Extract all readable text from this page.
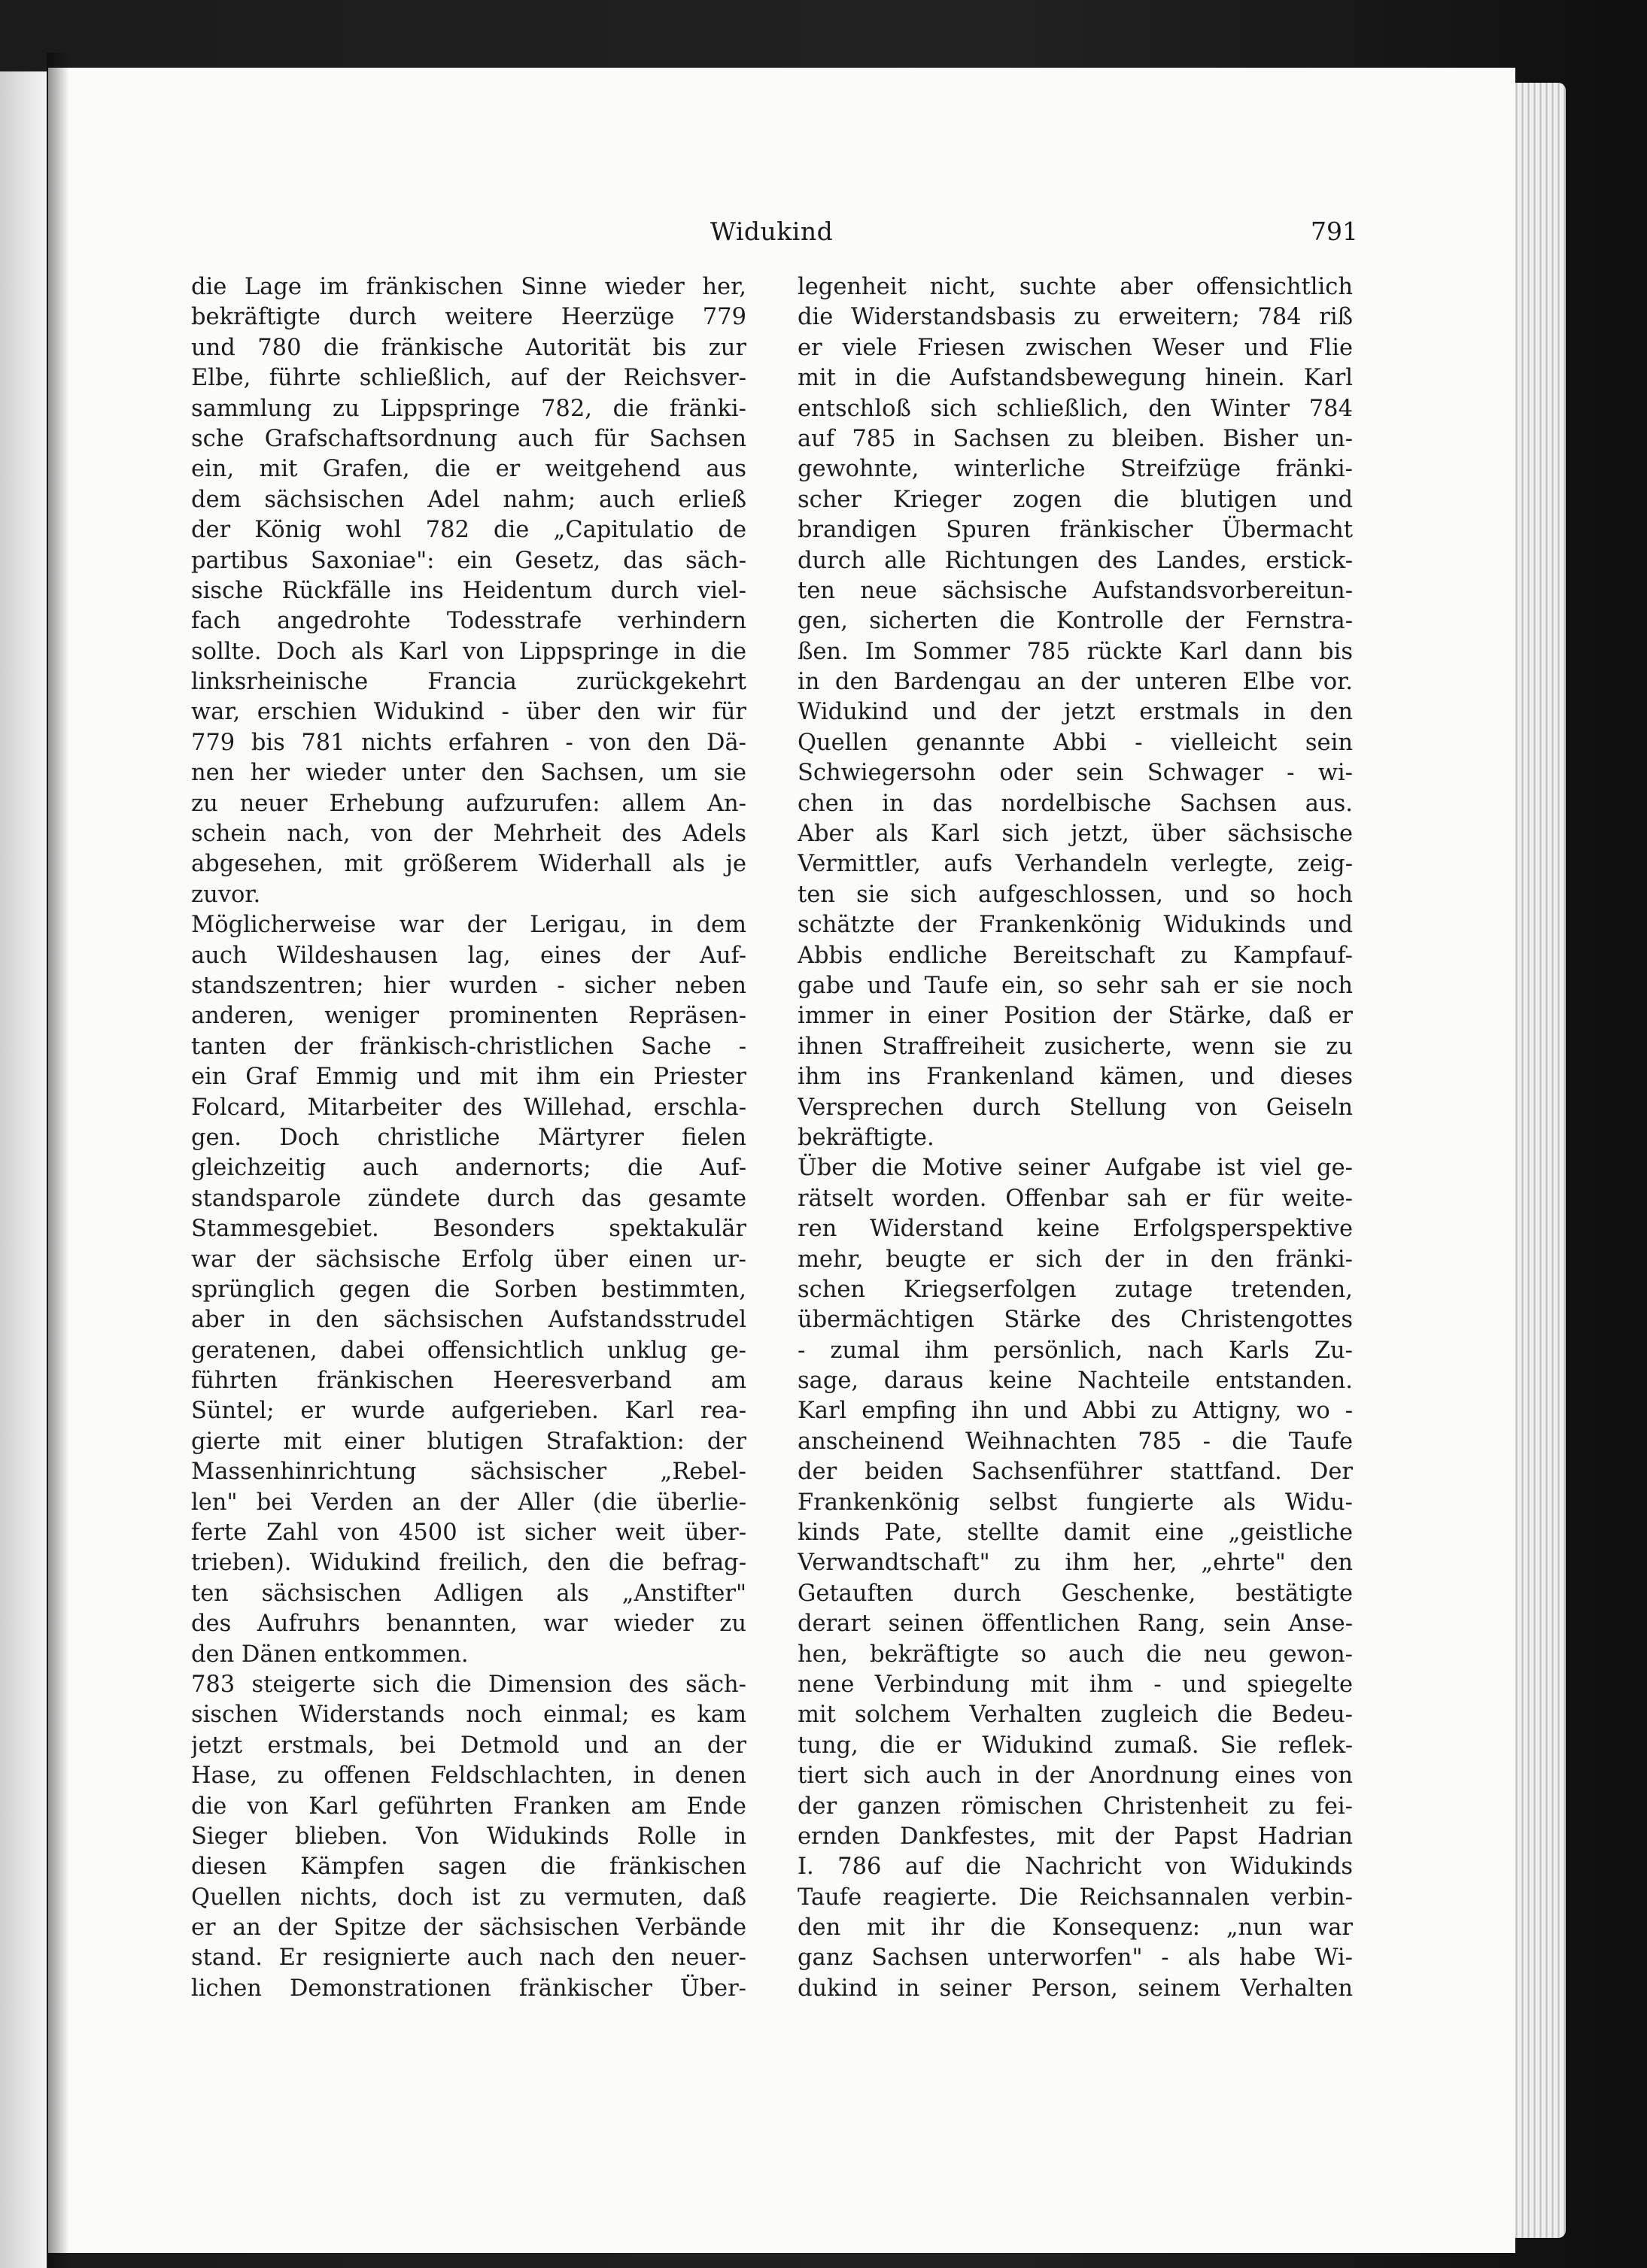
Widukind	791
die Lage im fränkischen Sinne wieder her,
bekräftigte durch weitere Heerzüge 779
und 780 die fränkische Autorität bis zur
Elbe, führte schließlich, auf der Reichsver-
sammlung zu Lippspringe 782, die fränki-
sche Grafschaftsordnung auch für Sachsen
ein, mit Grafen, die er weitgehend aus
dem sächsischen Adel nahm; auch erließ
der König wohl 782 die „Capitulatio de
partibus Saxoniae": ein Gesetz, das säch-
sische Rückfälle ins Heidentum durch viel-
fach angedrohte Todesstrafe verhindern
sollte. Doch als Karl von Lippspringe in die
linksrheinische Francia zurückgekehrt
war, erschien Widukind - über den wir für
779 bis 781 nichts erfahren - von den Dä-
nen her wieder unter den Sachsen, um sie
zu neuer Erhebung aufzurufen: allem An-
schein nach, von der Mehrheit des Adels
abgesehen, mit größerem Widerhall als je
zuvor.
Möglicherweise war der Lerigau, in dem
auch Wildeshausen lag, eines der Auf-
standszentren; hier wurden - sicher neben
anderen, weniger prominenten Repräsen-
tanten der fränkisch-christlichen Sache -
ein Graf Emmig und mit ihm ein Priester
Folcard, Mitarbeiter des Willehad, erschla-
gen. Doch christliche Märtyrer fielen
gleichzeitig auch andernorts; die Auf-
standsparole zündete durch das gesamte
Stammesgebiet. Besonders spektakulär
war der sächsische Erfolg über einen ur-
sprünglich gegen die Sorben bestimmten,
aber in den sächsischen Aufstandsstrudel
geratenen, dabei offensichtlich unklug ge-
führten fränkischen Heeresverband am
Süntel; er wurde aufgerieben. Karl rea-
gierte mit einer blutigen Strafaktion: der
Massenhinrichtung sächsischer „Rebel-
len" bei Verden an der Aller (die überlie-
ferte Zahl von 4500 ist sicher weit über-
trieben). Widukind freilich, den die befrag-
ten sächsischen Adligen als „Anstifter"
des Aufruhrs benannten, war wieder zu
den Dänen entkommen.
783 steigerte sich die Dimension des säch-
sischen Widerstands noch einmal; es kam
jetzt erstmals, bei Detmold und an der
Hase, zu offenen Feldschlachten, in denen
die von Karl geführten Franken am Ende
Sieger blieben. Von Widukinds Rolle in
diesen Kämpfen sagen die fränkischen
Quellen nichts, doch ist zu vermuten, daß
er an der Spitze der sächsischen Verbände
stand. Er resignierte auch nach den neuer-
lichen Demonstrationen fränkischer Über-
legenheit nicht, suchte aber offensichtlich
die Widerstandsbasis zu erweitern; 784 riß
er viele Friesen zwischen Weser und Flie
mit in die Aufstandsbewegung hinein. Karl
entschloß sich schließlich, den Winter 784
auf 785 in Sachsen zu bleiben. Bisher un-
gewohnte, winterliche Streifzüge fränki-
scher Krieger zogen die blutigen und
brandigen Spuren fränkischer Übermacht
durch alle Richtungen des Landes, erstick-
ten neue sächsische Aufstandsvorbereitun-
gen, sicherten die Kontrolle der Fernstra-
ßen. Im Sommer 785 rückte Karl dann bis
in den Bardengau an der unteren Elbe vor.
Widukind und der jetzt erstmals in den
Quellen genannte Abbi - vielleicht sein
Schwiegersohn oder sein Schwager - wi-
chen in das nordelbische Sachsen aus.
Aber als Karl sich jetzt, über sächsische
Vermittler, aufs Verhandeln verlegte, zeig-
ten sie sich aufgeschlossen, und so hoch
schätzte der Frankenkönig Widukinds und
Abbis endliche Bereitschaft zu Kampfauf-
gabe und Taufe ein, so sehr sah er sie noch
immer in einer Position der Stärke, daß er
ihnen Straffreiheit zusicherte, wenn sie zu
ihm ins Frankenland kämen, und dieses
Versprechen durch Stellung von Geiseln
bekräftigte.
Über die Motive seiner Aufgabe ist viel ge-
rätselt worden. Offenbar sah er für weite-
ren Widerstand keine Erfolgsperspektive
mehr, beugte er sich der in den fränki-
schen Kriegserfolgen zutage tretenden,
übermächtigen Stärke des Christengottes
- zumal ihm persönlich, nach Karls Zu-
sage, daraus keine Nachteile entstanden.
Karl empfing ihn und Abbi zu Attigny, wo -
anscheinend Weihnachten 785 - die Taufe
der beiden Sachsenführer stattfand. Der
Frankenkönig selbst fungierte als Widu-
kinds Pate, stellte damit eine „geistliche
Verwandtschaft" zu ihm her, „ehrte" den
Getauften durch Geschenke, bestätigte
derart seinen öffentlichen Rang, sein Anse-
hen, bekräftigte so auch die neu gewon-
nene Verbindung mit ihm - und spiegelte
mit solchem Verhalten zugleich die Bedeu-
tung, die er Widukind zumaß. Sie reflek-
tiert sich auch in der Anordnung eines von
der ganzen römischen Christenheit zu fei-
ernden Dankfestes, mit der Papst Hadrian
I. 786 auf die Nachricht von Widukinds
Taufe reagierte. Die Reichsannalen verbin-
den mit ihr die Konsequenz: „nun war
ganz Sachsen unterworfen" - als habe Wi-
dukind in seiner Person, seinem Verhalten
